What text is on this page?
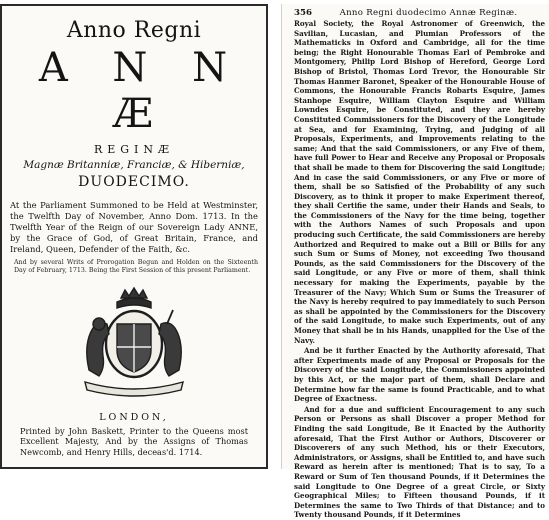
Anno Regni
A N N Æ
REGINÆ
Magnæ Britanniæ, Franciæ, & Hiberniæ,
DUODECIMO.
At the Parliament Summoned to be Held at Westminster, the Twelfth Day of November, Anno Dom. 1713. In the Twelfth Year of the Reign of our Sovereign Lady ANNE, by the Grace of God, of Great Britain, France, and Ireland, Queen, Defender of the Faith, &c.
And by several Writs of Prorogation Begun and Holden on the Sixteenth Day of February, 1713. Being the First Session of this present Parliament.
LONDON,
Printed by John Baskett, Printer to the Queens most Excellent Majesty, And by the Assigns of Thomas Newcomb, and Henry Hills, deceas'd. 1714.
356	Anno Regni duodecimo Annæ Reginæ.

Royal Society, the Royal Astronomer of Greenwich, the Savilian, Lucasian, and Plumian Professors of the Mathematicks in Oxford and Cambridge, all for the time being; the Right Honourable Thomas Earl of Pembroke and Montgomery, Philip Lord Bishop of Hereford, George Lord Bishop of Bristol, Thomas Lord Trevor, the Honourable Sir Thomas Hanmer Baronet, Speaker of the Honourable House of Commons, the Honourable Francis Robarts Esquire, James Stanhope Esquire, William Clayton Esquire and William Lowndes Esquire, be Constituted, and they are hereby Constituted Commissioners for the Discovery of the Longitude at Sea, and for Examining, Trying, and Judging of all Proposals, Experiments, and Improvements relating to the same; And that the said Commissioners, or any Five of them, have full Power to Hear and Receive any Proposal or Proposals that shall be made to them for Discovering the said Longitude; And in case the said Commissioners, or any Five or more of them, shall be so Satisfied of the Probability of any such Discovery, as to think it proper to make Experiment thereof, they shall Certifie the same, under their Hands and Seals, to the Commissioners of the Navy for the time being, together with the Authors Names of such Proposals and upon producing such Certificate, the said Commissioners are hereby Authorized and Required to make out a Bill or Bills for any such Sum or Sums of Money, not exceeding Two thousand Pounds, as the said Commissioners for the Discovery of the said Longitude, or any Five or more of them, shall think necessary for making the Experiments, payable by the Treasurer of the Navy; Which Sum or Sums the Treasurer of the Navy is hereby required to pay immediately to such Person as shall be appointed by the Commissioners for the Discovery of the said Longitude, to make such Experiments, out of any Money that shall be in his Hands, unapplied for the Use of the Navy.

And be it further Enacted by the Authority aforesaid, That after Experiments made of any Proposal or Proposals for the Discovery of the said Longitude, the Commissioners appointed by this Act, or the major part of them, shall Declare and Determine how far the same is found Practicable, and to what Degree of Exactness.

And for a due and sufficient Encouragement to any such Person or Persons as shall Discover a proper Method for Finding the said Longitude, Be it Enacted by the Authority aforesaid, That the First Author or Authors, Discoverer or Discoverers of any such Method, his or their Executors, Administrators, or Assigns, shall be Entitled to, and have such Reward as herein after is mentioned; That is to say, To a Reward or Sum of Ten thousand Pounds, if it Determines the said Longitude to One Degree of a great Circle, or Sixty Geographical Miles; to Fifteen thousand Pounds, if it Determines the same to Two Thirds of that Distance; and to Twenty thousand Pounds, if it Determines
